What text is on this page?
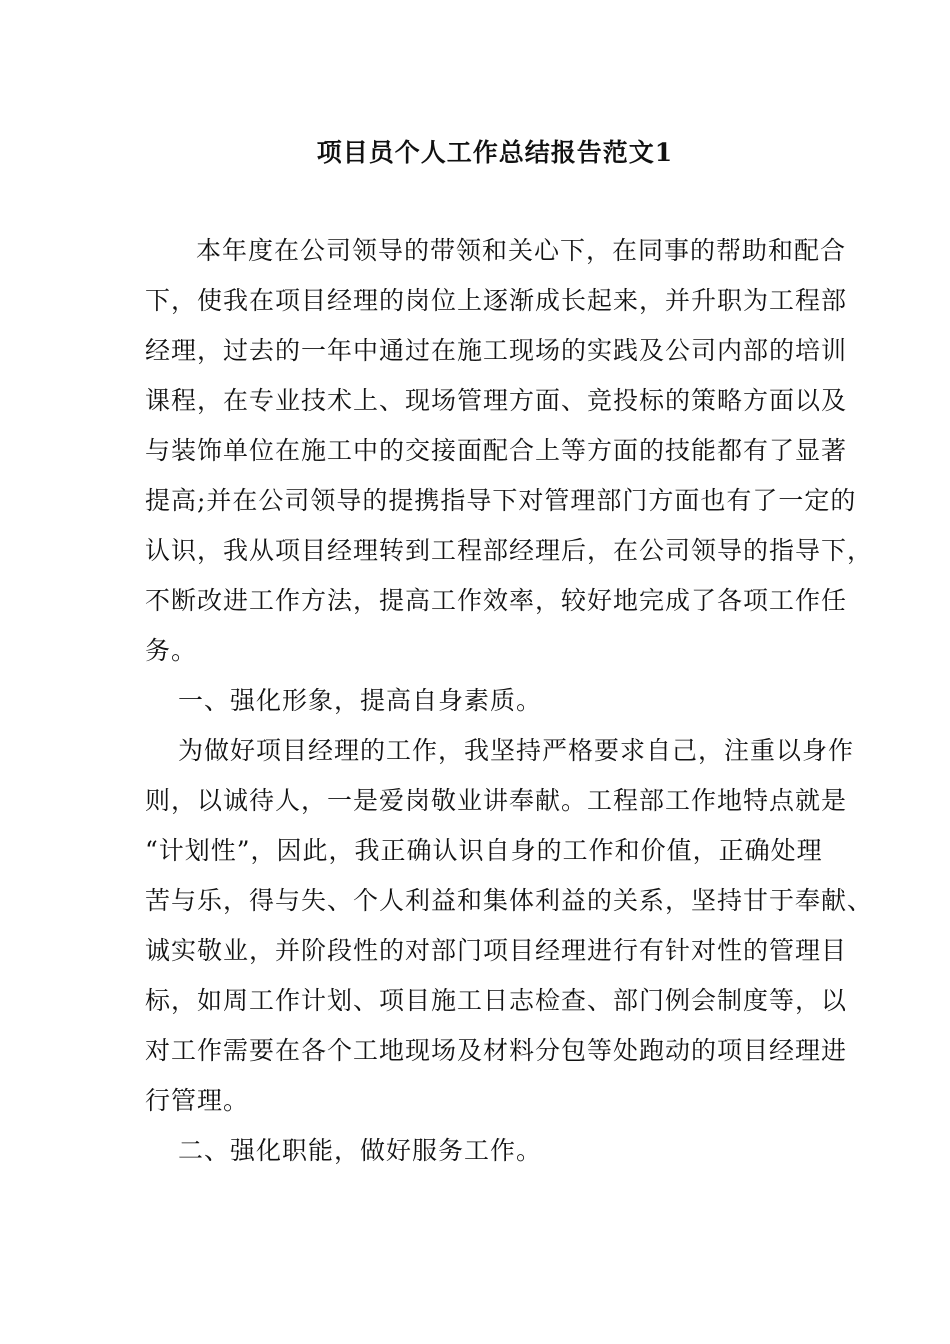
项目员个人工作总结报告范文1
　本年度在公司领导的带领和关心下，在同事的帮助和配合
下，使我在项目经理的岗位上逐渐成长起来，并升职为工程部
经理，过去的一年中通过在施工现场的实践及公司内部的培训
课程，在专业技术上、现场管理方面、竞投标的策略方面以及
与装饰单位在施工中的交接面配合上等方面的技能都有了显著
提高;并在公司领导的提携指导下对管理部门方面也有了一定的
认识，我从项目经理转到工程部经理后，在公司领导的指导下，
不断改进工作方法，提高工作效率，较好地完成了各项工作任
务。
一、强化形象，提高自身素质。
为做好项目经理的工作，我坚持严格要求自己，注重以身作
则，以诚待人，一是爱岗敬业讲奉献。工程部工作地特点就是
“计划性”，因此，我正确认识自身的工作和价值，正确处理
苦与乐，得与失、个人利益和集体利益的关系，坚持甘于奉献、
诚实敬业，并阶段性的对部门项目经理进行有针对性的管理目
标，如周工作计划、项目施工日志检查、部门例会制度等，以
对工作需要在各个工地现场及材料分包等处跑动的项目经理进
行管理。
二、强化职能，做好服务工作。
